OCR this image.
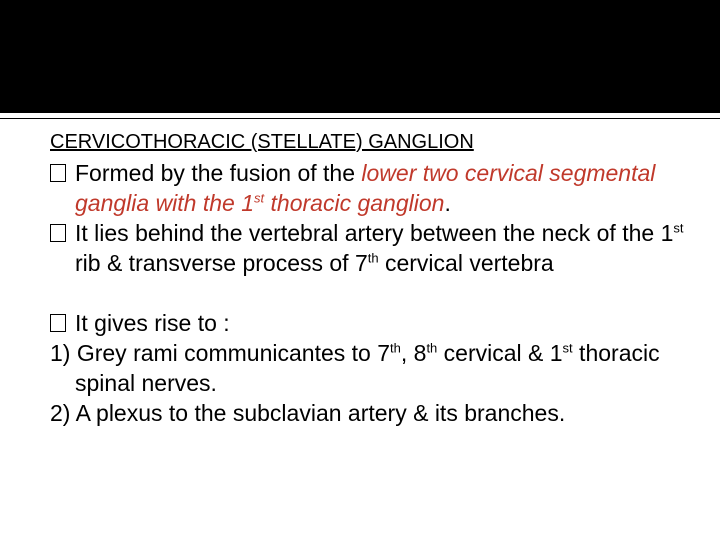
CERVICOTHORACIC (STELLATE) GANGLION

Formed by the fusion of the lower two cervical segmental ganglia with the 1st thoracic ganglion.

It lies behind the vertebral artery between the neck of the 1st rib & transverse process of 7th cervical vertebra

It gives rise to :

1) Grey rami communicantes to 7th, 8th cervical & 1st thoracic spinal nerves.

2) A plexus to the subclavian artery & its branches.
